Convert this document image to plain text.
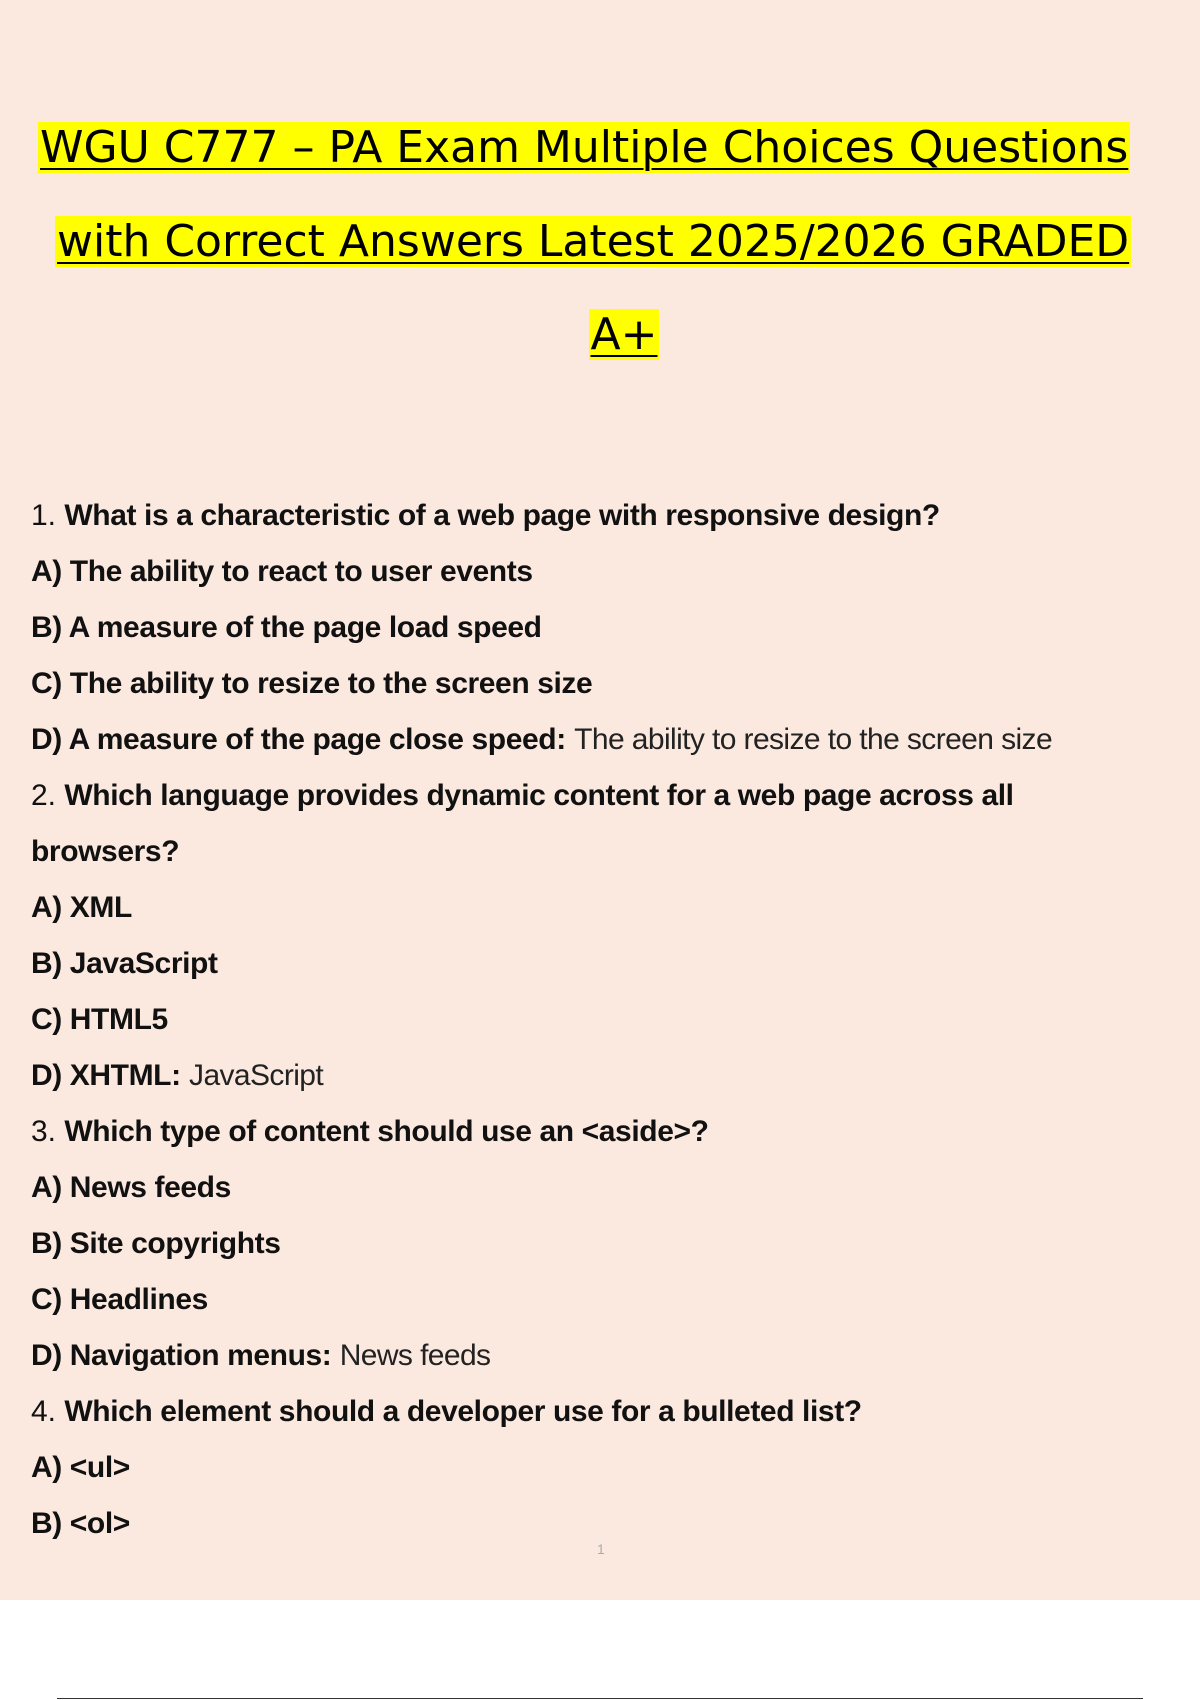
WGU C777 – PA Exam Multiple Choices Questions
with Correct Answers Latest 2025/2026 GRADED
A+
1. What is a characteristic of a web page with responsive design?
A) The ability to react to user events
B) A measure of the page load speed
C) The ability to resize to the screen size
D) A measure of the page close speed: The ability to resize to the screen size
2. Which language provides dynamic content for a web page across all
browsers?
A) XML
B) JavaScript
C) HTML5
D) XHTML: JavaScript
3. Which type of content should use an <aside>?
A) News feeds
B) Site copyrights
C) Headlines
D) Navigation menus: News feeds
4. Which element should a developer use for a bulleted list?
A) <ul>
B) <ol>
1
